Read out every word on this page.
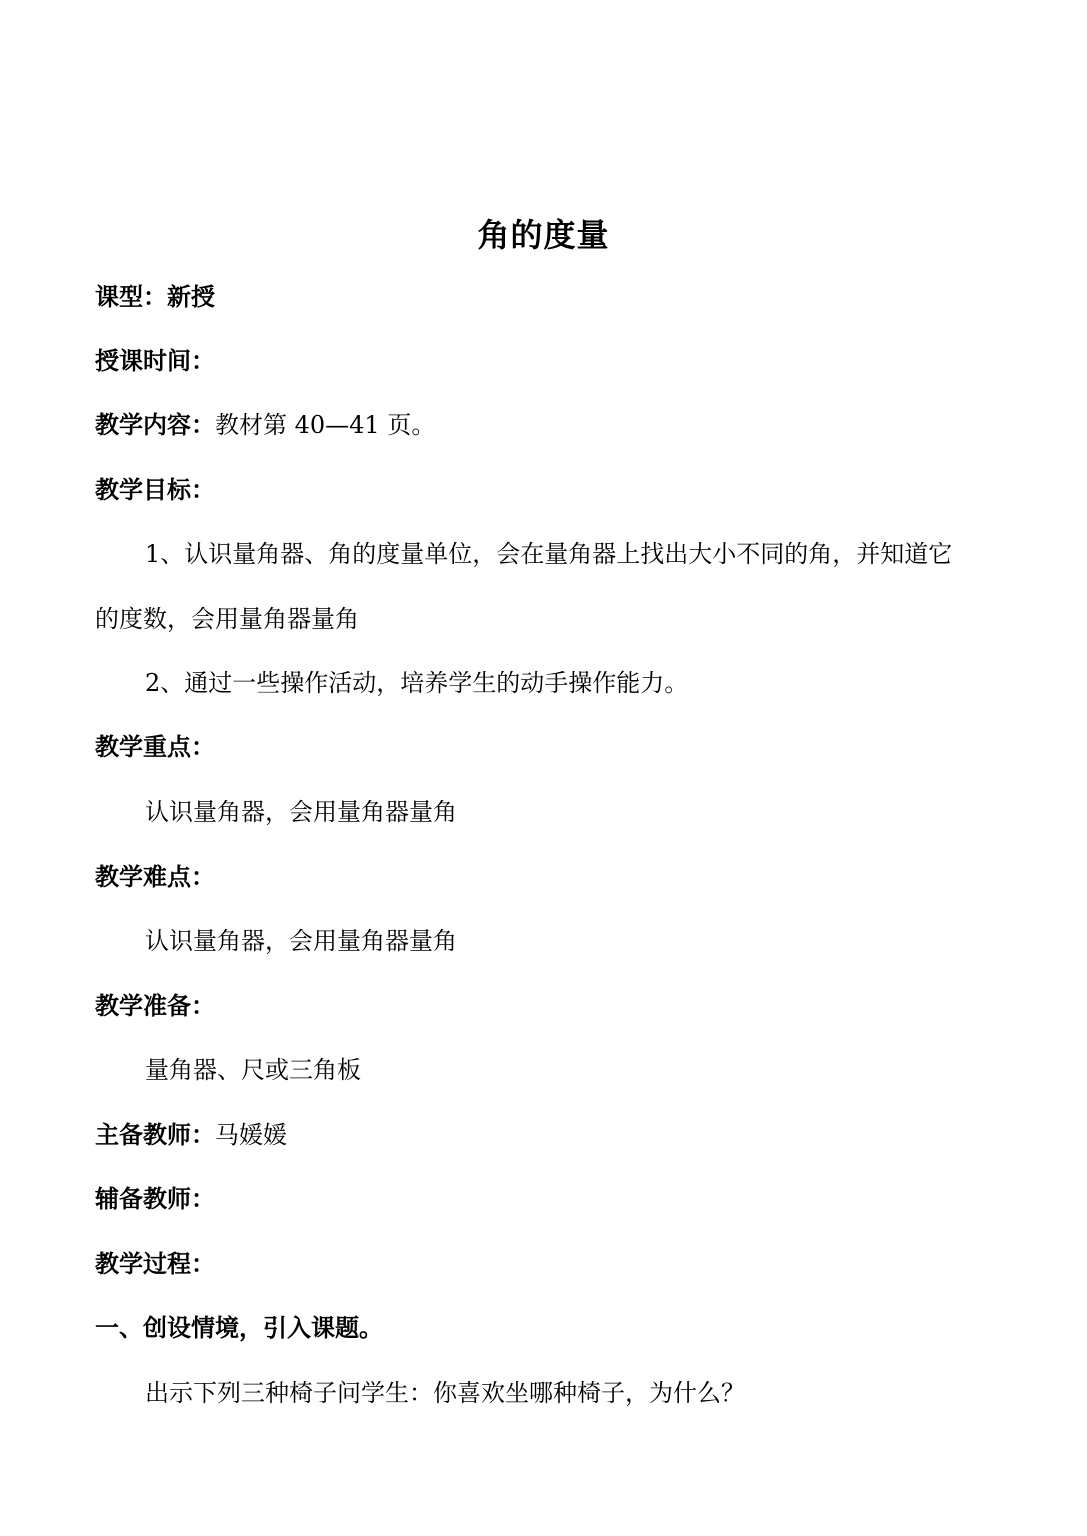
角的度量
课型：新授
授课时间：
教学内容：教材第 40—41 页。
教学目标：
1、认识量角器、角的度量单位，会在量角器上找出大小不同的角，并知道它
的度数，会用量角器量角
2、通过一些操作活动，培养学生的动手操作能力。
教学重点：
认识量角器，会用量角器量角
教学难点：
认识量角器，会用量角器量角
教学准备：
量角器、尺或三角板
主备教师：马媛媛
辅备教师：
教学过程：
一、创设情境，引入课题。
出示下列三种椅子问学生：你喜欢坐哪种椅子，为什么？
